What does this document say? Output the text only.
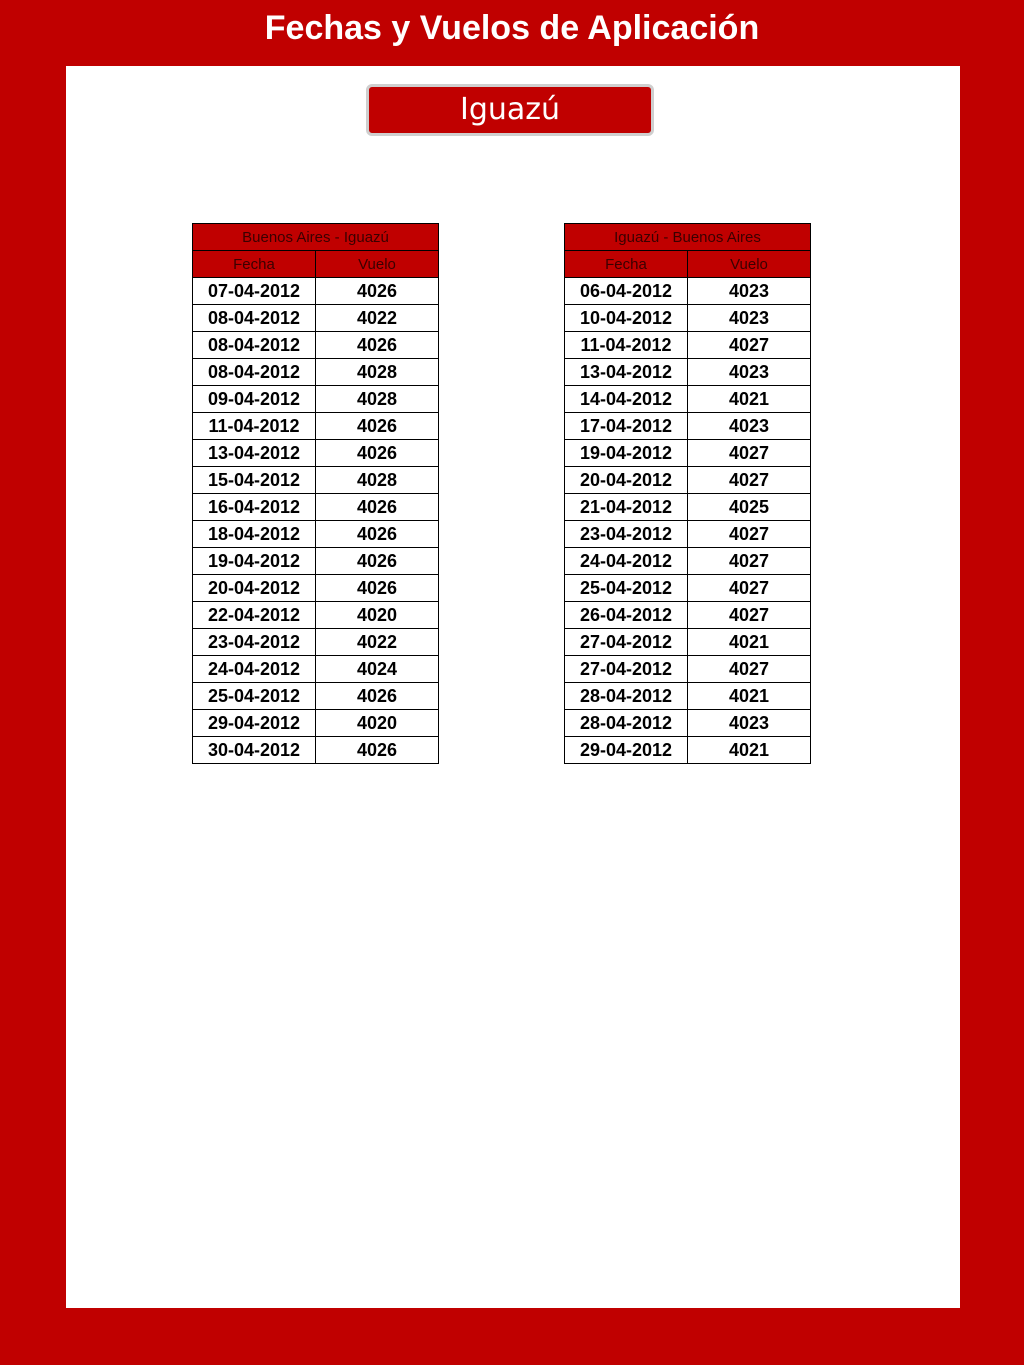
Fechas y Vuelos de Aplicación
Iguazú
Buenos Aires - Iguazú	
Fecha	Vuelo
07-04-2012	4026
08-04-2012	4022
08-04-2012	4026
08-04-2012	4028
09-04-2012	4028
11-04-2012	4026
13-04-2012	4026
15-04-2012	4028
16-04-2012	4026
18-04-2012	4026
19-04-2012	4026
20-04-2012	4026
22-04-2012	4020
23-04-2012	4022
24-04-2012	4024
25-04-2012	4026
29-04-2012	4020
30-04-2012	4026
Iguazú - Buenos Aires	
Fecha	Vuelo
06-04-2012	4023
10-04-2012	4023
11-04-2012	4027
13-04-2012	4023
14-04-2012	4021
17-04-2012	4023
19-04-2012	4027
20-04-2012	4027
21-04-2012	4025
23-04-2012	4027
24-04-2012	4027
25-04-2012	4027
26-04-2012	4027
27-04-2012	4021
27-04-2012	4027
28-04-2012	4021
28-04-2012	4023
29-04-2012	4021
